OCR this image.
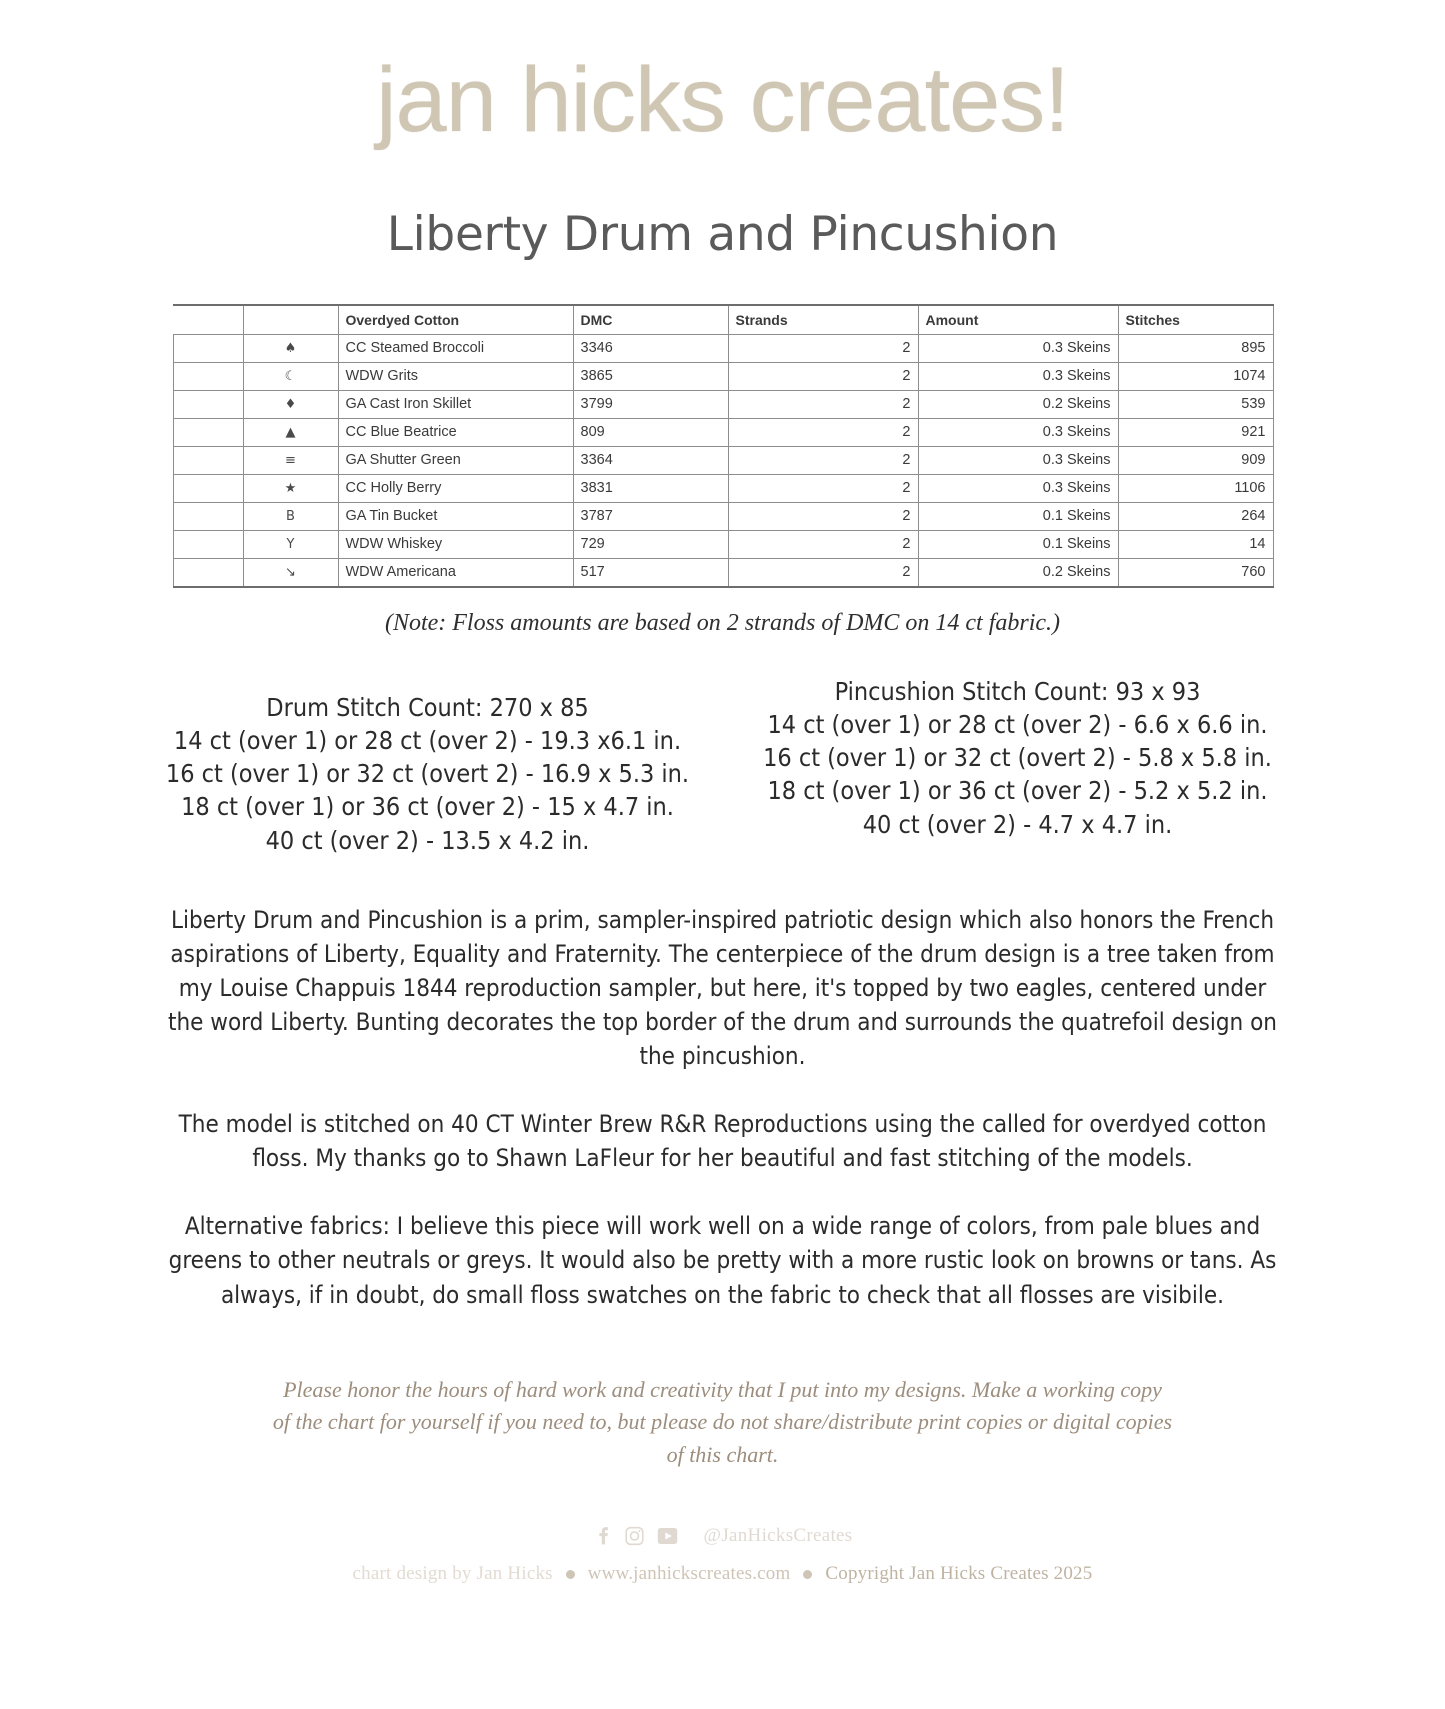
jan hicks creates!
Liberty Drum and Pincushion
		Overdyed Cotton	DMC	Strands	Amount	Stitches
	♠	CC Steamed Broccoli	3346	2	0.3 Skeins	895
	☾	WDW Grits	3865	2	0.3 Skeins	1074
	♦	GA Cast Iron Skillet	3799	2	0.2 Skeins	539
	▲	CC Blue Beatrice	809	2	0.3 Skeins	921
	≡	GA Shutter Green	3364	2	0.3 Skeins	909
	★	CC Holly Berry	3831	2	0.3 Skeins	1106
	B	GA Tin Bucket	3787	2	0.1 Skeins	264
	Y	WDW Whiskey	729	2	0.1 Skeins	14
	↘	WDW Americana	517	2	0.2 Skeins	760
(Note: Floss amounts are based on 2 strands of DMC on 14 ct fabric.)
Drum Stitch Count: 270 x 85
14 ct (over 1) or 28 ct (over 2) - 19.3 x6.1 in.
16 ct (over 1) or 32 ct (overt 2) - 16.9 x 5.3 in.
18 ct (over 1) or 36 ct (over 2) - 15 x 4.7 in.
40 ct (over 2) - 13.5 x 4.2 in.
Pincushion Stitch Count: 93 x 93
14 ct (over 1) or 28 ct (over 2) - 6.6 x 6.6 in.
16 ct (over 1) or 32 ct (overt 2) - 5.8 x 5.8 in.
18 ct (over 1) or 36 ct (over 2) - 5.2 x 5.2 in.
40 ct (over 2) - 4.7 x 4.7 in.

Liberty Drum and Pincushion is a prim, sampler-inspired patriotic design which also honors the French aspirations of Liberty, Equality and Fraternity. The centerpiece of the drum design is a tree taken from my Louise Chappuis 1844 reproduction sampler, but here, it's topped by two eagles, centered under the word Liberty. Bunting decorates the top border of the drum and surrounds the quatrefoil design on the pincushion.

The model is stitched on 40 CT Winter Brew R&R Reproductions using the called for overdyed cotton floss. My thanks go to Shawn LaFleur for her beautiful and fast stitching of the models.

Alternative fabrics: I believe this piece will work well on a wide range of colors, from pale blues and greens to other neutrals or greys. It would also be pretty with a more rustic look on browns or tans. As always, if in doubt, do small floss swatches on the fabric to check that all flosses are visibile.

Please honor the hours of hard work and creativity that I put into my designs. Make a working copy of the chart for yourself if you need to, but please do not share/distribute print copies or digital copies of this chart.
@JanHicksCreates
chart design by Jan Hicks www.janhickscreates.com Copyright Jan Hicks Creates 2025
